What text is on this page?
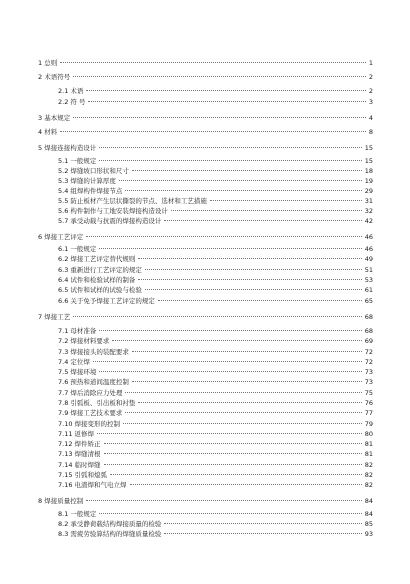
1 总则	1
2 术语符号	2
2.1 术语	2
2.2 符 号	3
3 基本规定	4
4 材料	8
5 焊接连接构造设计	15
5.1 一般规定	15
5.2 焊缝坡口形状和尺寸	18
5.3 焊缝的计算厚度	19
5.4 组焊构件焊接节点	29
5.5 防止板材产生层状撕裂的节点、选材和工艺措施	31
5.6 构件制作与工地安装焊接构造设计	32
5.7 承受动载与抗震的焊接构造设计	42
6 焊接工艺评定	46
6.1 一般规定	46
6.2 焊接工艺评定替代规则	49
6.3 重新进行工艺评定的规定	51
6.4 试件和检验试样的制备	53
6.5 试件和试样的试验与检验	61
6.6 关于免予焊接工艺评定的规定	65
7 焊接工艺	68
7.1 母材准备	68
7.2 焊接材料要求	69
7.3 焊接接头的装配要求	72
7.4 定位焊	72
7.5 焊接环境	73
7.6 预热和道间温度控制	73
7.7 焊后消除应力处理	75
7.8 引弧板、引出板和衬垫	76
7.9 焊接工艺技术要求	77
7.10 焊接变形的控制	79
7.11 返修焊	80
7.12 焊件矫正	81
7.13 焊缝清根	81
7.14 临时焊缝	82
7.15 引弧和熄弧	82
7.16 电渣焊和气电立焊	82
8 焊接质量控制	84
8.1 一般规定	84
8.2 承受静荷载结构焊接质量的检验	85
8.3 需疲劳验算结构的焊缝质量检验	93
